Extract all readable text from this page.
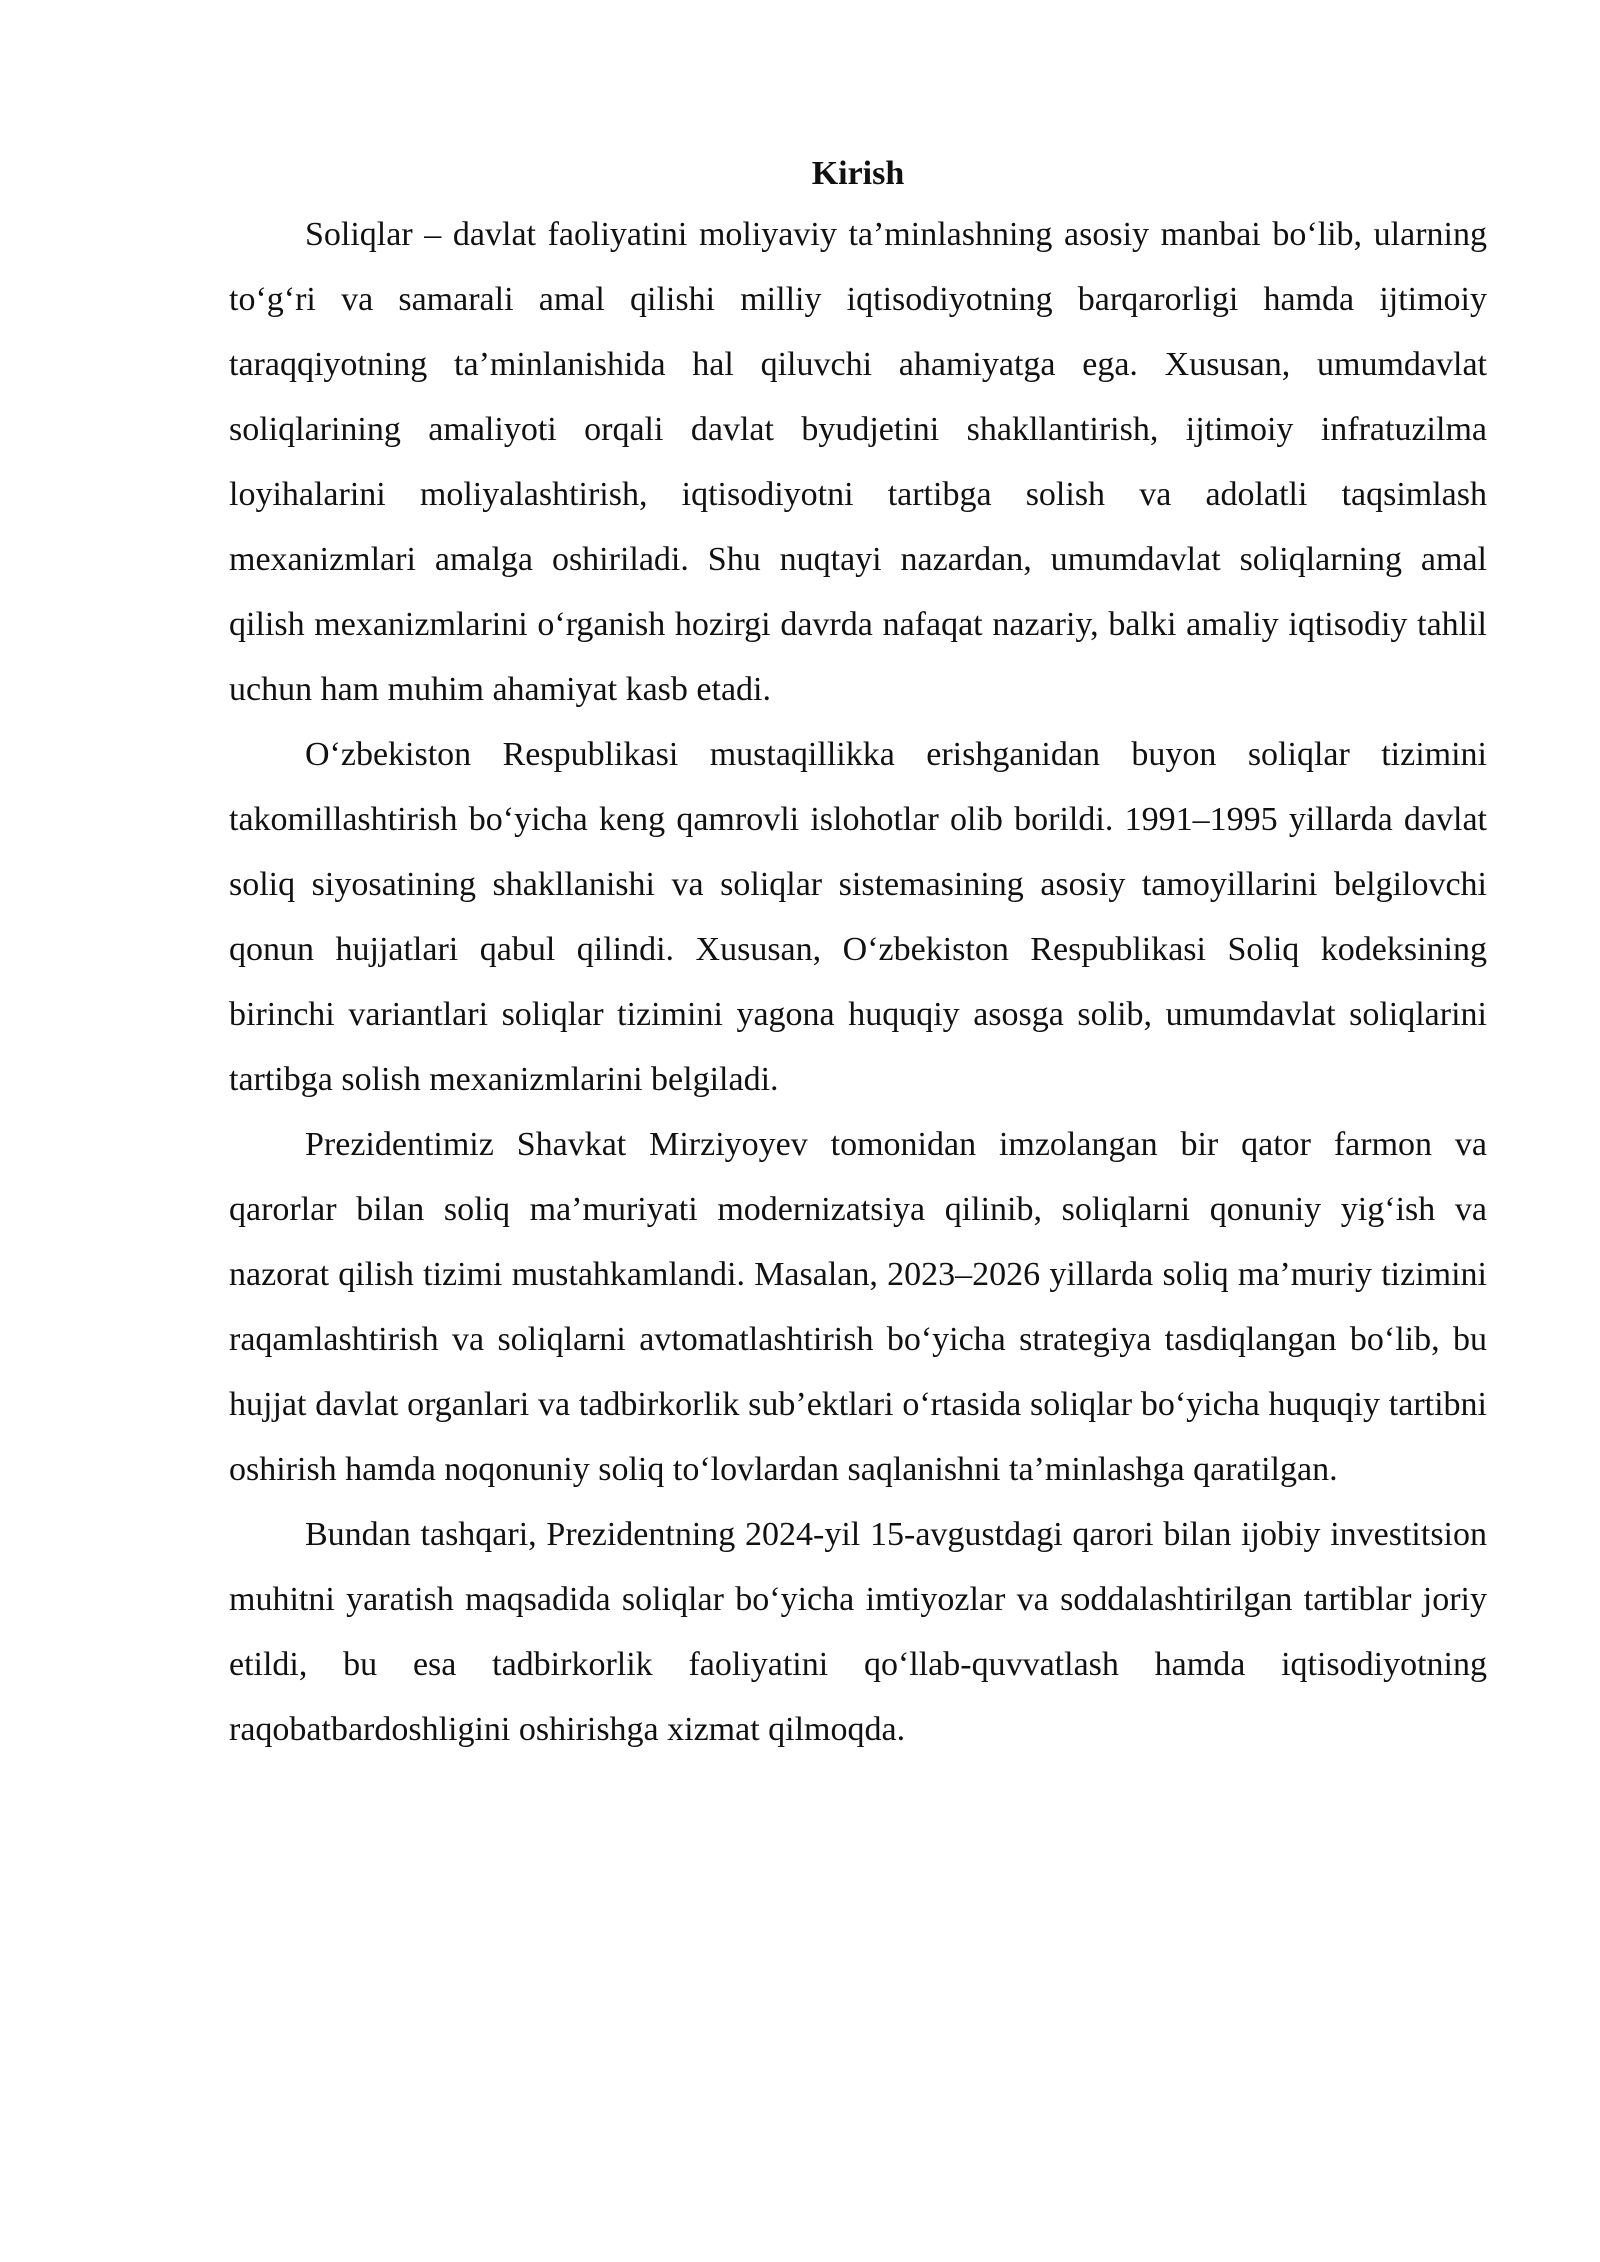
Kirish

Soliqlar – davlat faoliyatini moliyaviy ta’minlashning asosiy manbai bo‘lib, ularning to‘g‘ri va samarali amal qilishi milliy iqtisodiyotning barqarorligi hamda ijtimoiy taraqqiyotning ta’minlanishida hal qiluvchi ahamiyatga ega. Xususan, umumdavlat soliqlarining amaliyoti orqali davlat byudjetini shakllantirish, ijtimoiy infratuzilma loyihalarini moliyalashtirish, iqtisodiyotni tartibga solish va adolatli taqsimlash mexanizmlari amalga oshiriladi. Shu nuqtayi nazardan, umumdavlat soliqlarning amal qilish mexanizmlarini o‘rganish hozirgi davrda nafaqat nazariy, balki amaliy iqtisodiy tahlil uchun ham muhim ahamiyat kasb etadi.

O‘zbekiston Respublikasi mustaqillikka erishganidan buyon soliqlar tizimini takomillashtirish bo‘yicha keng qamrovli islohotlar olib borildi. 1991–1995 yillarda davlat soliq siyosatining shakllanishi va soliqlar sistemasining asosiy tamoyillarini belgilovchi qonun hujjatlari qabul qilindi. Xususan, O‘zbekiston Respublikasi Soliq kodeksining birinchi variantlari soliqlar tizimini yagona huquqiy asosga solib, umumdavlat soliqlarini tartibga solish mexanizmlarini belgiladi.

Prezidentimiz Shavkat Mirziyoyev tomonidan imzolangan bir qator farmon va qarorlar bilan soliq ma’muriyati modernizatsiya qilinib, soliqlarni qonuniy yig‘ish va nazorat qilish tizimi mustahkamlandi. Masalan, 2023–2026 yillarda soliq ma’muriy tizimini raqamlashtirish va soliqlarni avtomatlashtirish bo‘yicha strategiya tasdiqlangan bo‘lib, bu hujjat davlat organlari va tadbirkorlik sub’ektlari o‘rtasida soliqlar bo‘yicha huquqiy tartibni oshirish hamda noqonuniy soliq to‘lovlardan saqlanishni ta’minlashga qaratilgan.

Bundan tashqari, Prezidentning 2024-yil 15-avgustdagi qarori bilan ijobiy investitsion muhitni yaratish maqsadida soliqlar bo‘yicha imtiyozlar va soddalashtirilgan tartiblar joriy etildi, bu esa tadbirkorlik faoliyatini qo‘llab-quvvatlash hamda iqtisodiyotning raqobatbardoshligini oshirishga xizmat qilmoqda.
